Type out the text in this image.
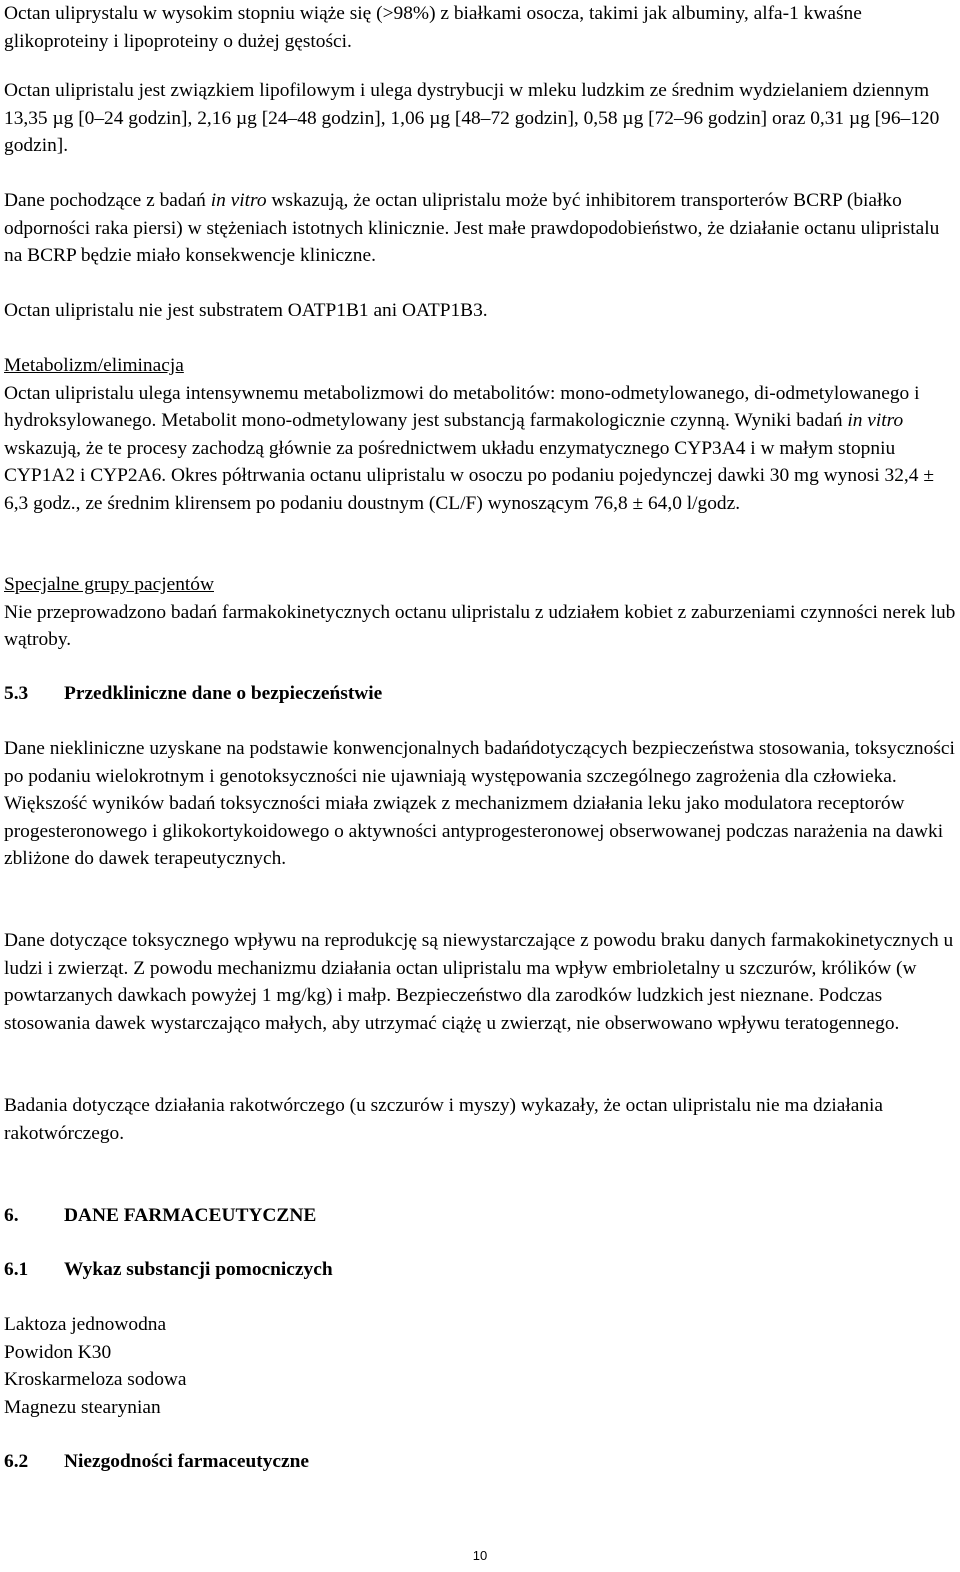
Octan uliprystalu w wysokim stopniu wiąże się (>98%) z białkami osocza, takimi jak albuminy, alfa-1 kwaśne glikoproteiny i lipoproteiny o dużej gęstości.

Octan ulipristalu jest związkiem lipofilowym i ulega dystrybucji w mleku ludzkim ze średnim wydzielaniem dziennym 13,35 µg [0–24 godzin], 2,16 µg [24–48 godzin], 1,06 µg [48–72 godzin], 0,58 µg [72–96 godzin] oraz 0,31 µg [96–120 godzin].

Dane pochodzące z badań in vitro wskazują, że octan ulipristalu może być inhibitorem transporterów BCRP (białko odporności raka piersi) w stężeniach istotnych klinicznie. Jest małe prawdopodobieństwo, że działanie octanu ulipristalu na BCRP będzie miało konsekwencje kliniczne.

Octan ulipristalu nie jest substratem OATP1B1 ani OATP1B3.

Metabolizm/eliminacja

Octan ulipristalu ulega intensywnemu metabolizmowi do metabolitów: mono-odmetylowanego, di-odmetylowanego i hydroksylowanego. Metabolit mono-odmetylowany jest substancją farmakologicznie czynną. Wyniki badań in vitro wskazują, że te procesy zachodzą głównie za pośrednictwem układu enzymatycznego CYP3A4 i w małym stopniu CYP1A2 i CYP2A6. Okres półtrwania octanu ulipristalu w osoczu po podaniu pojedynczej dawki 30 mg wynosi 32,4 ± 6,3 godz., ze średnim klirensem po podaniu doustnym (CL/F) wynoszącym 76,8 ± 64,0 l/godz.

Specjalne grupy pacjentów

Nie przeprowadzono badań farmakokinetycznych octanu ulipristalu z udziałem kobiet z zaburzeniami czynności nerek lub wątroby.

5.3 Przedkliniczne dane o bezpieczeństwie

Dane niekliniczne uzyskane na podstawie konwencjonalnych badańdotyczących bezpieczeństwa stosowania, toksyczności po podaniu wielokrotnym i genotoksyczności nie ujawniają występowania szczególnego zagrożenia dla człowieka. Większość wyników badań toksyczności miała związek z mechanizmem działania leku jako modulatora receptorów progesteronowego i glikokortykoidowego o aktywności antyprogesteronowej obserwowanej podczas narażenia na dawki zbliżone do dawek terapeutycznych.

Dane dotyczące toksycznego wpływu na reprodukcję są niewystarczające z powodu braku danych farmakokinetycznych u ludzi i zwierząt. Z powodu mechanizmu działania octan ulipristalu ma wpływ embrioletalny u szczurów, królików (w powtarzanych dawkach powyżej 1 mg/kg) i małp. Bezpieczeństwo dla zarodków ludzkich jest nieznane. Podczas stosowania dawek wystarczająco małych, aby utrzymać ciążę u zwierząt, nie obserwowano wpływu teratogennego.

Badania dotyczące działania rakotwórczego (u szczurów i myszy) wykazały, że octan ulipristalu nie ma działania rakotwórczego.

6. DANE FARMACEUTYCZNE

6.1 Wykaz substancji pomocniczych

Laktoza jednowodna

Powidon K30

Kroskarmeloza sodowa

Magnezu stearynian

6.2 Niezgodności farmaceutyczne

10
